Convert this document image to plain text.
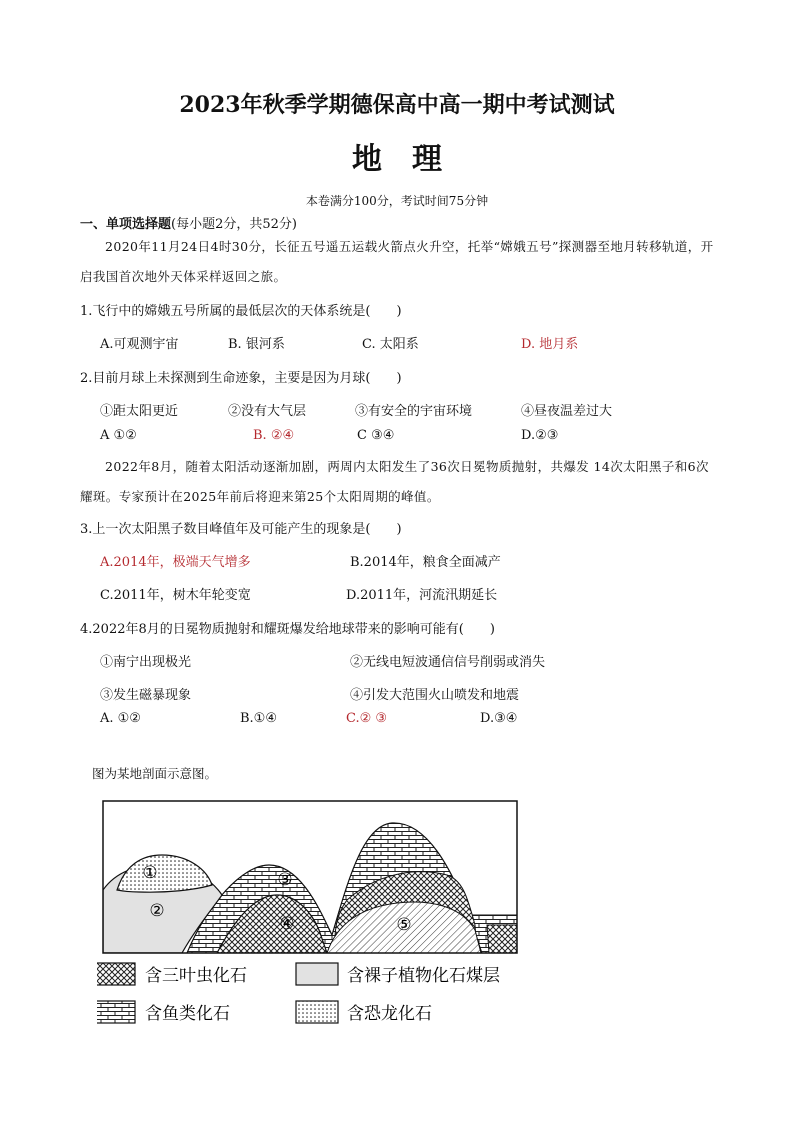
2023年秋季学期德保高中高一期中考试测试
地理
本卷满分100分，考试时间75分钟
一、单项选择题(每小题2分，共52分)
2020年11月24日4时30分，长征五号遥五运载火箭点火升空，托举“嫦娥五号”探测器至地月转移轨道，开启我国首次地外天体采样返回之旅。
1.飞行中的嫦娥五号所属的最低层次的天体系统是(　　)
A.可观测宇宙	B. 银河系	C. 太阳系	D. 地月系
2.目前月球上未探测到生命迹象，主要是因为月球(　　)
①距太阳更近	②没有大气层	③有安全的宇宙环境	④昼夜温差过大
A ①②	B. ②④	C ③④	D.②③
2022年8月，随着太阳活动逐渐加剧，两周内太阳发生了36次日冕物质抛射，共爆发 14次太阳黑子和6次耀斑。专家预计在2025年前后将迎来第25个太阳周期的峰值。
3.上一次太阳黑子数目峰值年及可能产生的现象是(　　)
A.2014年，极端天气增多	B.2014年，粮食全面减产
C.2011年，树木年轮变宽	D.2011年，河流汛期延长
4.2022年8月的日冕物质抛射和耀斑爆发给地球带来的影响可能有(　　)
①南宁出现极光	②无线电短波通信信号削弱或消失
③发生磁暴现象	④引发大范围火山喷发和地震
A. ①②	B.①④	C.② ③	D.③④
图为某地剖面示意图。
①
②
③
④	⑤
含三叶虫化石	含裸子植物化石煤层
含鱼类化石	含恐龙化石
